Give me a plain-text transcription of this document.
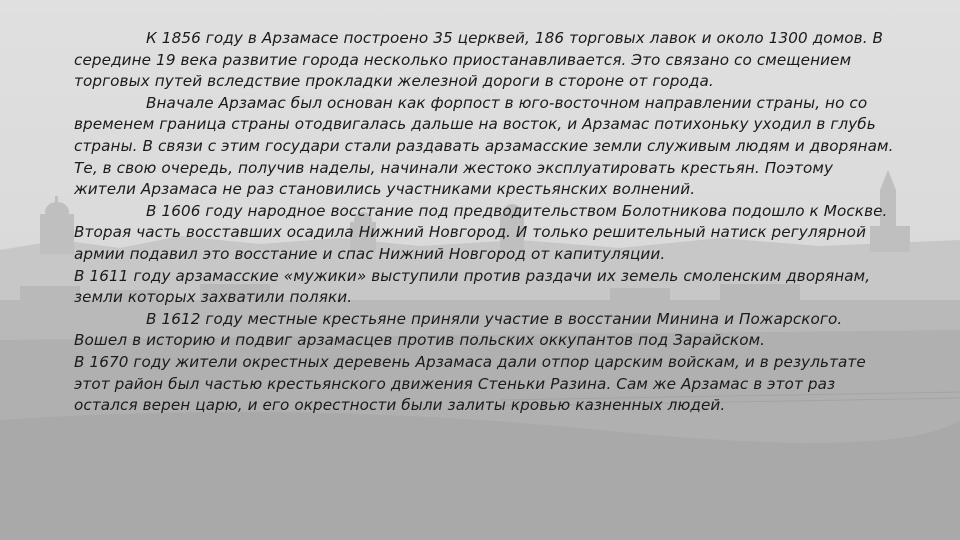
К 1856 году в Арзамасе построено 35 церквей, 186 торговых лавок и около 1300 домов. В середине 19 века развитие города несколько приостанавливается. Это связано со смещением торговых путей вследствие прокладки железной дороги в стороне от города.

Вначале Арзамас был основан как форпост в юго-восточном направлении страны, но со временем граница страны отодвигалась дальше на восток, и Арзамас потихоньку уходил в глубь страны. В связи с этим государи стали раздавать арзамасские земли служивым людям и дворянам. Те, в свою очередь, получив наделы, начинали жестоко эксплуатировать крестьян. Поэтому жители Арзамаса не раз становились участниками крестьянских волнений.

В 1606 году народное восстание под предводительством Болотникова подошло к Москве. Вторая часть восставших осадила Нижний Новгород. И только решительный натиск регулярной армии подавил это восстание и спас Нижний Новгород от капитуляции.

В 1611 году арзамасские «мужики» выступили против раздачи их земель смоленским дворянам, земли которых захватили поляки.

В 1612 году местные крестьяне приняли участие в восстании Минина и Пожарского.

Вошел в историю и подвиг арзамасцев против польских оккупантов под Зарайском.

В 1670 году жители окрестных деревень Арзамаса дали отпор царским войскам, и в результате этот район был частью крестьянского движения Стеньки Разина. Сам же Арзамас в этот раз остался верен царю, и его окрестности были залиты кровью казненных людей.
